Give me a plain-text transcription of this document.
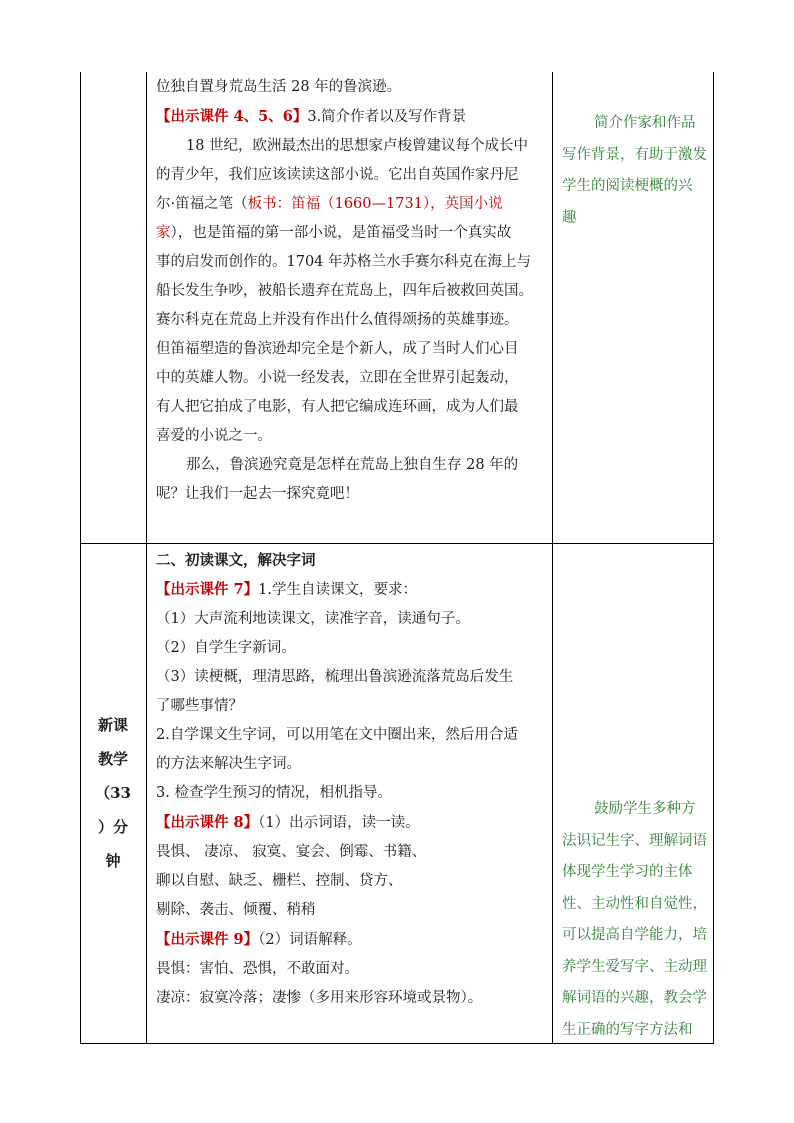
位独自置身荒岛生活 28 年的鲁滨逊。

【出示课件 4、5、6】3.简介作者以及写作背景

18 世纪，欧洲最杰出的思想家卢梭曾建议每个成长中

的青少年，我们应该读读这部小说。它出自英国作家丹尼

尔·笛福之笔（板书：笛福（1660—1731），英国小说

家），也是笛福的第一部小说，是笛福受当时一个真实故

事的启发而创作的。1704 年苏格兰水手赛尔科克在海上与

船长发生争吵，被船长遗弃在荒岛上，四年后被救回英国。

赛尔科克在荒岛上并没有作出什么值得颂扬的英雄事迹。

但笛福塑造的鲁滨逊却完全是个新人，成了当时人们心目

中的英雄人物。小说一经发表，立即在全世界引起轰动，

有人把它拍成了电影，有人把它编成连环画，成为人们最

喜爱的小说之一。

那么，鲁滨逊究竟是怎样在荒岛上独自生存 28 年的

呢？让我们一起去一探究竟吧！

简介作家和作品

写作背景，有助于激发

学生的阅读梗概的兴

趣

新课
教学
（33
）分
钟

二、初读课文，解决字词

【出示课件 7】1.学生自读课文，要求：

（1）大声流利地读课文，读准字音，读通句子。

（2）自学生字新词。

（3）读梗概，理清思路，梳理出鲁滨逊流落荒岛后发生

了哪些事情？

2.自学课文生字词，可以用笔在文中圈出来，然后用合适

的方法来解决生字词。

3. 检查学生预习的情况，相机指导。

【出示课件 8】（1）出示词语，读一读。

畏惧、 凄凉、 寂寞、宴会、倒霉、书籍、

聊以自慰、缺乏、栅栏、控制、贷方、

剔除、袭击、倾覆、稍稍

【出示课件 9】（2）词语解释。

畏惧：害怕、恐惧，不敢面对。

凄凉：寂寞冷落；凄惨（多用来形容环境或景物）。

鼓励学生多种方

法识记生字、理解词语

体现学生学习的主体

性、主动性和自觉性，

可以提高自学能力，培

养学生爱写字、主动理

解词语的兴趣，教会学

生正确的写字方法和
